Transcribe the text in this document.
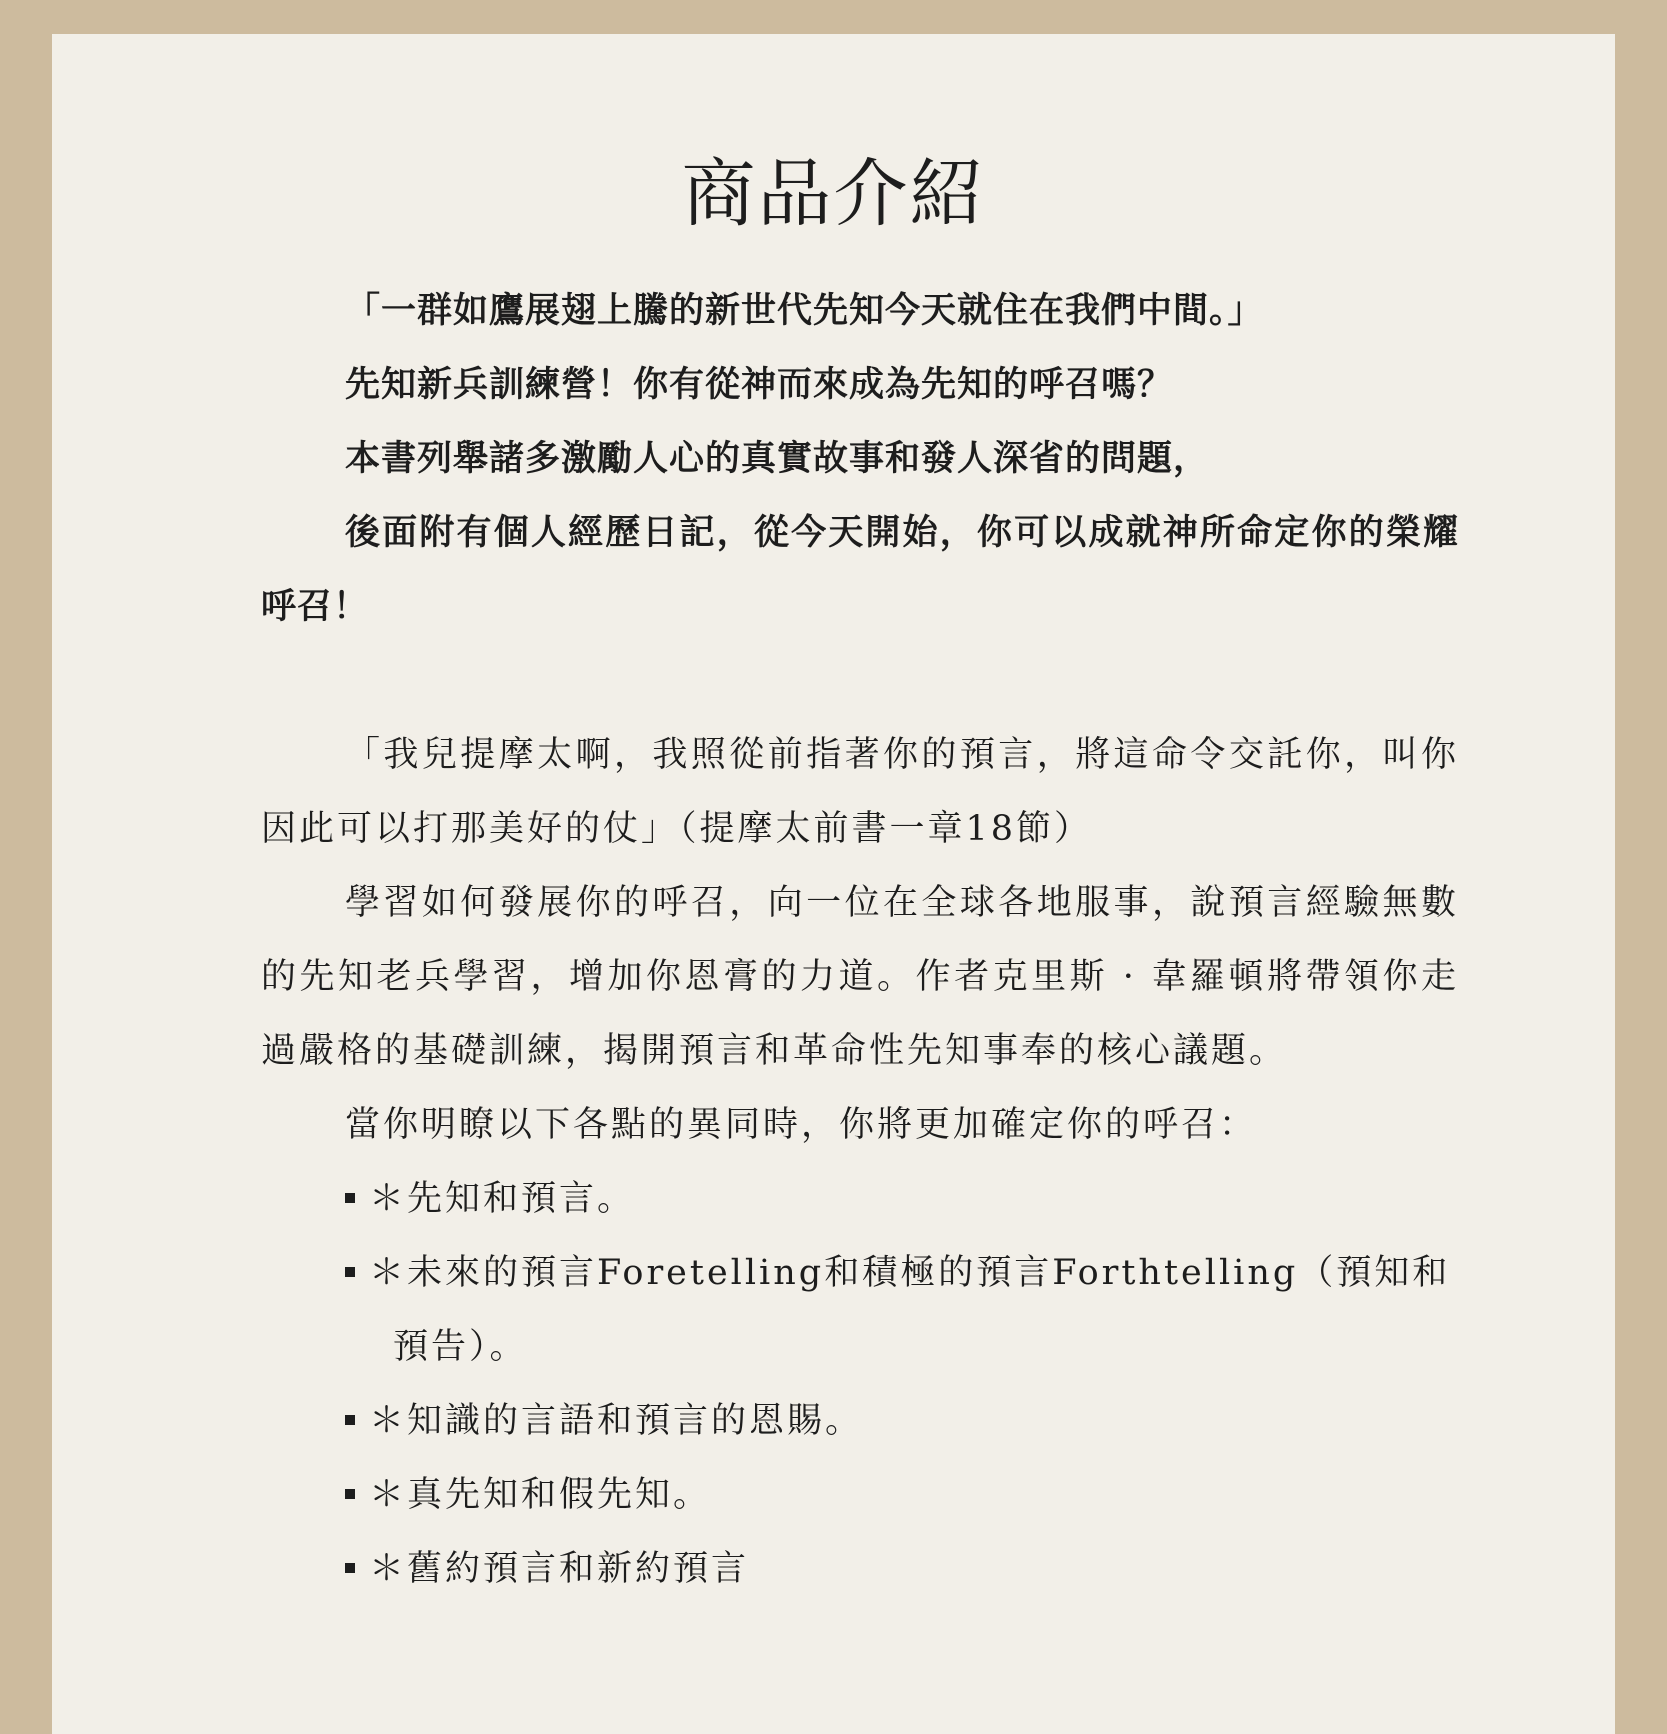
商品介紹

「一群如鷹展翅上騰的新世代先知今天就住在我們中間。」

先知新兵訓練營！你有從神而來成為先知的呼召嗎？

本書列舉諸多激勵人心的真實故事和發人深省的問題，

後面附有個人經歷日記，從今天開始，你可以成就神所命定你的榮耀呼召！

「我兒提摩太啊，我照從前指著你的預言，將這命令交託你，叫你因此可以打那美好的仗」（提摩太前書一章18節）

學習如何發展你的呼召，向一位在全球各地服事，說預言經驗無數的先知老兵學習，增加你恩膏的力道。作者克里斯 · 韋羅頓將帶領你走過嚴格的基礎訓練，揭開預言和革命性先知事奉的核心議題。

當你明瞭以下各點的異同時，你將更加確定你的呼召：

＊先知和預言。
＊未來的預言Foretelling和積極的預言Forthtelling（預知和預告）。
＊知識的言語和預言的恩賜。
＊真先知和假先知。
＊舊約預言和新約預言
